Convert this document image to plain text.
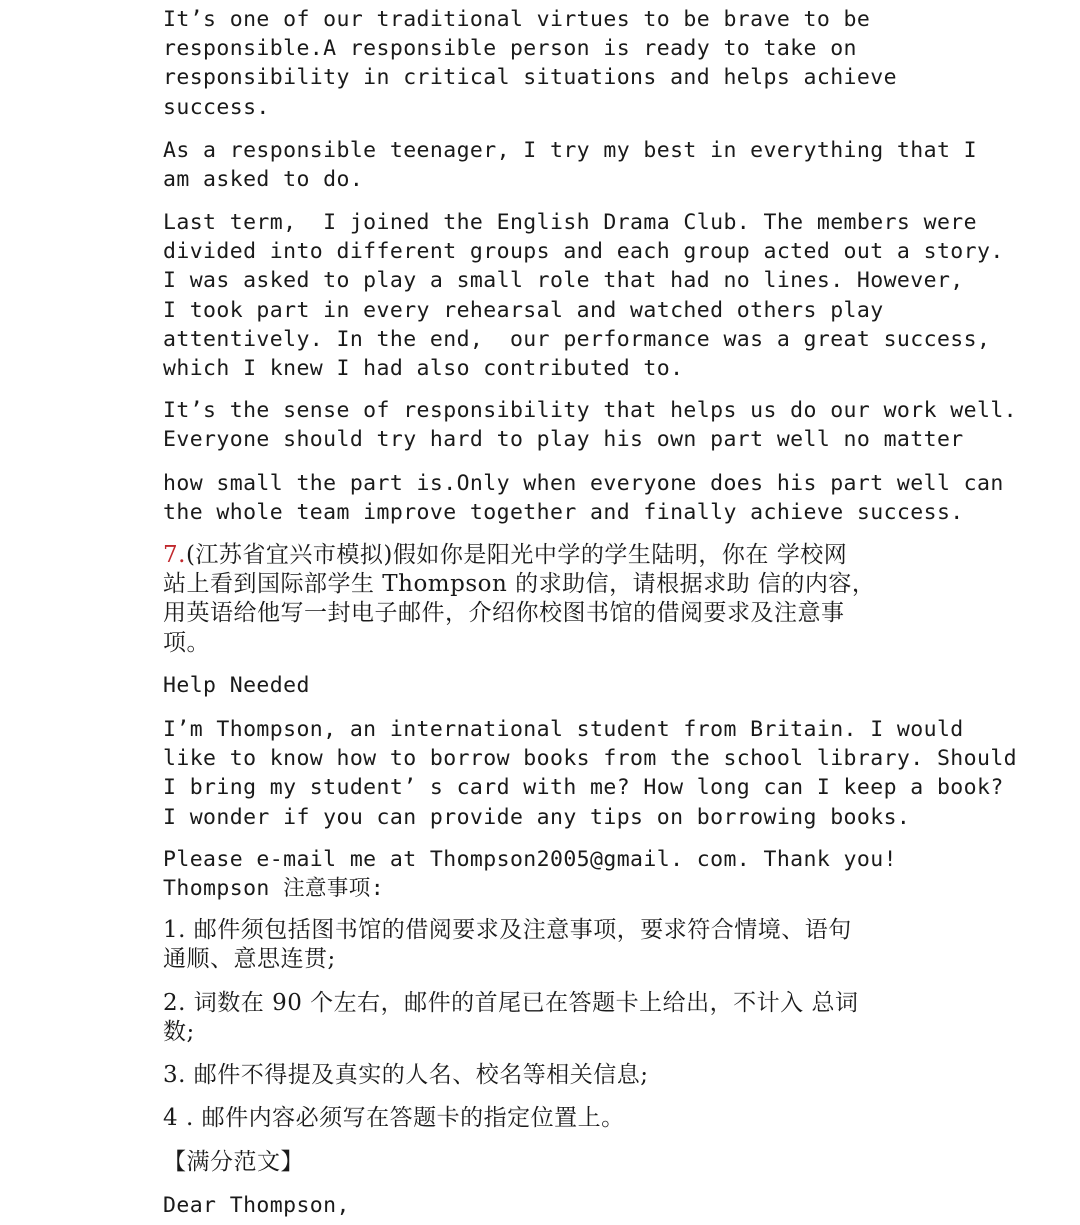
It’s one of our traditional virtues to be brave to be
responsible.A responsible person is ready to take on
responsibility in critical situations and helps achieve
success.
As a responsible teenager, I try my best in everything that I
am asked to do.
Last term,  I joined the English Drama Club. The members were
divided into different groups and each group acted out a story.
I was asked to play a small role that had no lines. However,
I took part in every rehearsal and watched others play
attentively. In the end,  our performance was a great success,
which I knew I had also contributed to.
It’s the sense of responsibility that helps us do our work well.
Everyone should try hard to play his own part well no matter
how small the part is.Only when everyone does his part well can
the whole team improve together and finally achieve success.
7.(江苏省宜兴市模拟)假如你是阳光中学的学生陆明，你在 学校网
站上看到国际部学生 Thompson 的求助信，请根据求助 信的内容，
用英语给他写一封电子邮件，介绍你校图书馆的借阅要求及注意事
项。
Help Needed
I’m Thompson, an international student from Britain. I would
like to know how to borrow books from the school library. Should
I bring my student’ s card with me? How long can I keep a book?
I wonder if you can provide any tips on borrowing books.
Please e-mail me at Thompson2005@gmail. com. Thank you!
Thompson 注意事项:
1. 邮件须包括图书馆的借阅要求及注意事项，要求符合情境、语句
通顺、意思连贯;
2. 词数在 90 个左右，邮件的首尾已在答题卡上给出，不计入 总词
数;
3. 邮件不得提及真实的人名、校名等相关信息;
4 . 邮件内容必须写在答题卡的指定位置上。
【满分范文】
Dear Thompson,
